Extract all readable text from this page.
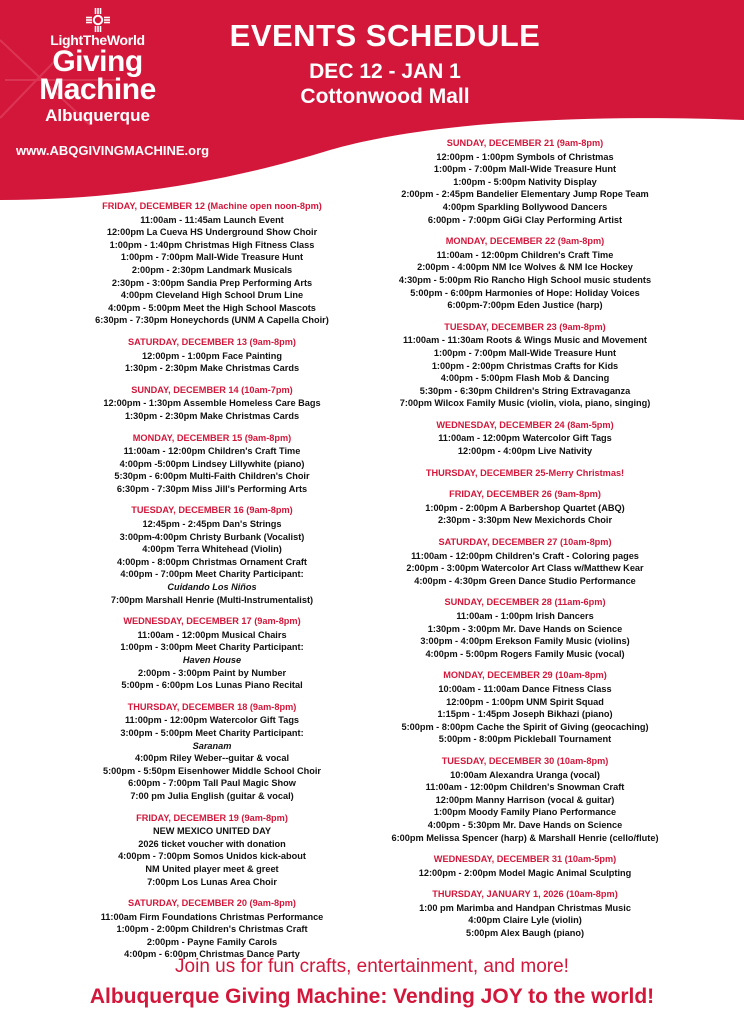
LightTheWorld
Giving
Machine
Albuquerque
www.ABQGIVINGMACHINE.org
EVENTS SCHEDULE
DEC 12 - JAN 1
Cottonwood Mall
FRIDAY, DECEMBER 12 (Machine open noon-8pm)
11:00am - 11:45am Launch Event
12:00pm La Cueva HS Underground Show Choir
1:00pm - 1:40pm Christmas High Fitness Class
1:00pm - 7:00pm Mall-Wide Treasure Hunt
2:00pm - 2:30pm Landmark Musicals
2:30pm - 3:00pm Sandia Prep Performing Arts
4:00pm Cleveland High School Drum Line
4:00pm - 5:00pm Meet the High School Mascots
6:30pm - 7:30pm Honeychords (UNM A Capella Choir)
SATURDAY, DECEMBER 13 (9am-8pm)
12:00pm - 1:00pm Face Painting
1:30pm - 2:30pm Make Christmas Cards
SUNDAY, DECEMBER 14 (10am-7pm)
12:00pm - 1:30pm Assemble Homeless Care Bags
1:30pm - 2:30pm Make Christmas Cards
MONDAY, DECEMBER 15 (9am-8pm)
11:00am - 12:00pm Children's Craft Time
4:00pm -5:00pm Lindsey Lillywhite (piano)
5:30pm - 6:00pm Multi-Faith Children's Choir
6:30pm - 7:30pm Miss Jill's Performing Arts
TUESDAY, DECEMBER 16 (9am-8pm)
12:45pm - 2:45pm Dan's Strings
3:00pm-4:00pm Christy Burbank (Vocalist)
4:00pm Terra Whitehead (Violin)
4:00pm - 8:00pm Christmas Ornament Craft
4:00pm - 7:00pm Meet Charity Participant:
Cuidando Los Niños
7:00pm Marshall Henrie (Multi-Instrumentalist)
WEDNESDAY, DECEMBER 17 (9am-8pm)
11:00am - 12:00pm Musical Chairs
1:00pm - 3:00pm Meet Charity Participant:
Haven House
2:00pm - 3:00pm Paint by Number
5:00pm - 6:00pm Los Lunas Piano Recital
THURSDAY, DECEMBER 18 (9am-8pm)
11:00pm - 12:00pm Watercolor Gift Tags
3:00pm - 5:00pm Meet Charity Participant:
Saranam
4:00pm Riley Weber--guitar & vocal
5:00pm - 5:50pm Eisenhower Middle School Choir
6:00pm - 7:00pm Tall Paul Magic Show
7:00 pm Julia English (guitar & vocal)
FRIDAY, DECEMBER 19 (9am-8pm)
NEW MEXICO UNITED DAY
2026 ticket voucher with donation
4:00pm - 7:00pm Somos Unidos kick-about
NM United player meet & greet
7:00pm Los Lunas Area Choir
SATURDAY, DECEMBER 20 (9am-8pm)
11:00am Firm Foundations Christmas Performance
1:00pm - 2:00pm Children's Christmas Craft
2:00pm - Payne Family Carols
4:00pm - 6:00pm Christmas Dance Party
SUNDAY, DECEMBER 21 (9am-8pm)
12:00pm - 1:00pm Symbols of Christmas
1:00pm - 7:00pm Mall-Wide Treasure Hunt
1:00pm - 5:00pm Nativity Display
2:00pm - 2:45pm Bandelier Elementary Jump Rope Team
4:00pm Sparkling Bollywood Dancers
6:00pm - 7:00pm GiGi Clay Performing Artist
MONDAY, DECEMBER 22 (9am-8pm)
11:00am - 12:00pm Children's Craft Time
2:00pm - 4:00pm NM Ice Wolves & NM Ice Hockey
4:30pm - 5:00pm Rio Rancho High School music students
5:00pm - 6:00pm Harmonies of Hope: Holiday Voices
6:00pm-7:00pm Eden Justice (harp)
TUESDAY, DECEMBER 23 (9am-8pm)
11:00am - 11:30am Roots & Wings Music and Movement
1:00pm - 7:00pm Mall-Wide Treasure Hunt
1:00pm - 2:00pm Christmas Crafts for Kids
4:00pm - 5:00pm Flash Mob & Dancing
5:30pm - 6:30pm Children's String Extravaganza
7:00pm Wilcox Family Music (violin, viola, piano, singing)
WEDNESDAY, DECEMBER 24 (8am-5pm)
11:00am - 12:00pm Watercolor Gift Tags
12:00pm - 4:00pm Live Nativity
THURSDAY, DECEMBER 25-Merry Christmas!
FRIDAY, DECEMBER 26 (9am-8pm)
1:00pm - 2:00pm A Barbershop Quartet (ABQ)
2:30pm - 3:30pm New Mexichords Choir
SATURDAY, DECEMBER 27 (10am-8pm)
11:00am - 12:00pm Children's Craft - Coloring pages
2:00pm - 3:00pm Watercolor Art Class w/Matthew Kear
4:00pm - 4:30pm Green Dance Studio Performance
SUNDAY, DECEMBER 28 (11am-6pm)
11:00am - 1:00pm Irish Dancers
1:30pm - 3:00pm Mr. Dave Hands on Science
3:00pm - 4:00pm Erekson Family Music (violins)
4:00pm - 5:00pm Rogers Family Music (vocal)
MONDAY, DECEMBER 29 (10am-8pm)
10:00am - 11:00am Dance Fitness Class
12:00pm - 1:00pm UNM Spirit Squad
1:15pm - 1:45pm Joseph Bikhazi (piano)
5:00pm - 8:00pm Cache the Spirit of Giving (geocaching)
5:00pm - 8:00pm Pickleball Tournament
TUESDAY, DECEMBER 30 (10am-8pm)
10:00am Alexandra Uranga (vocal)
11:00am - 12:00pm Children's Snowman Craft
12:00pm Manny Harrison (vocal & guitar)
1:00pm Moody Family Piano Performance
4:00pm - 5:30pm Mr. Dave Hands on Science
6:00pm Melissa Spencer (harp) & Marshall Henrie (cello/flute)
WEDNESDAY, DECEMBER 31 (10am-5pm)
12:00pm - 2:00pm Model Magic Animal Sculpting
THURSDAY, JANUARY 1, 2026 (10am-8pm)
1:00 pm Marimba and Handpan Christmas Music
4:00pm Claire Lyle (violin)
5:00pm Alex Baugh (piano)
Join us for fun crafts, entertainment, and more!
Albuquerque Giving Machine: Vending JOY to the world!
